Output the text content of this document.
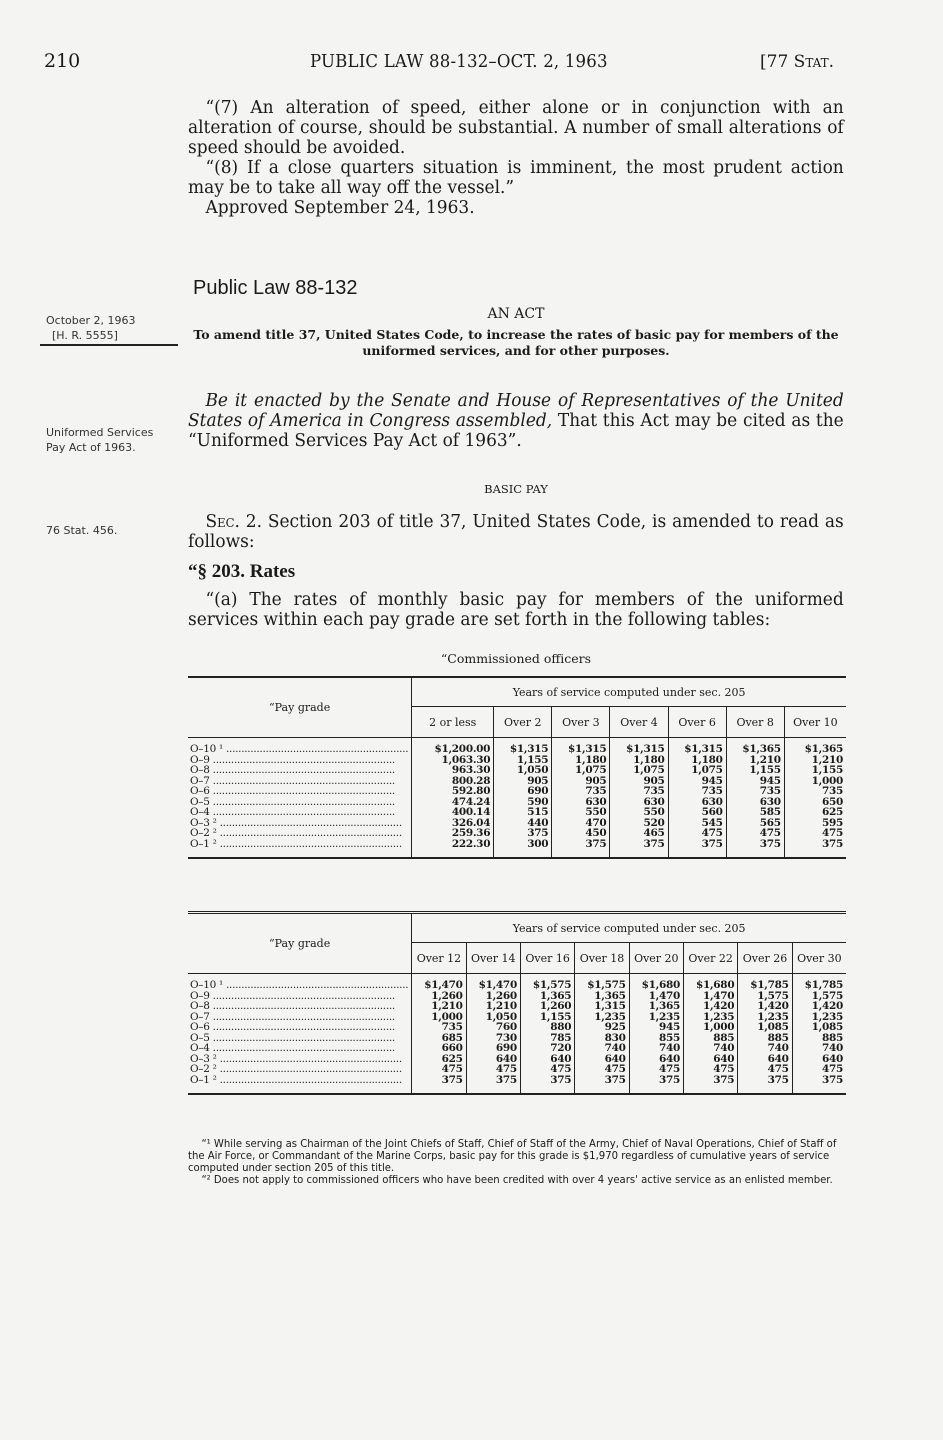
210	PUBLIC LAW 88-132–OCT. 2, 1963	[77 Stat.

“(7) An alteration of speed, either alone or in conjunction with an alteration of course, should be substantial. A number of small alterations of speed should be avoided.

“(8) If a close quarters situation is imminent, the most prudent action may be to take all way off the vessel.”

Approved September 24, 1963.

Public Law 88-132
October 2, 1963
[H. R. 5555]
AN ACT
To amend title 37, United States Code, to increase the rates of basic pay for members of the uniformed services, and for other purposes.

Be it enacted by the Senate and House of Representatives of the United States of America in Congress assembled, That this Act may be cited as the “Uniformed Services Pay Act of 1963”.

Uniformed Services Pay Act of 1963.
BASIC PAY
76 Stat. 456.	Sec. 2. Section 203 of title 37, United States Code, is amended to read as follows:

“§ 203. Rates

“(a) The rates of monthly basic pay for members of the uniformed services within each pay grade are set forth in the following tables:

“Commissioned officers
“Pay grade	Years of service computed under sec. 205						
	2 or less	Over 2	Over 3	Over 4	Over 6	Over 8	Over 10
O–10 ¹ ............................................................	$1,200.00	$1,315	$1,315	$1,315	$1,315	$1,365	$1,365
O–9 ............................................................	1,063.30	1,155	1,180	1,180	1,180	1,210	1,210
O–8 ............................................................	963.30	1,050	1,075	1,075	1,075	1,155	1,155
O–7 ............................................................	800.28	905	905	905	945	945	1,000
O–6 ............................................................	592.80	690	735	735	735	735	735
O–5 ............................................................	474.24	590	630	630	630	630	650
O–4 ............................................................	400.14	515	550	550	560	585	625
O–3 ² ............................................................	326.04	440	470	520	545	565	595
O–2 ² ............................................................	259.36	375	450	465	475	475	475
O–1 ² ............................................................	222.30	300	375	375	375	375	375
“Pay grade	Years of service computed under sec. 205							
	Over 12	Over 14	Over 16	Over 18	Over 20	Over 22	Over 26	Over 30
O–10 ¹ ............................................................	$1,470	$1,470	$1,575	$1,575	$1,680	$1,680	$1,785	$1,785
O–9 ............................................................	1,260	1,260	1,365	1,365	1,470	1,470	1,575	1,575
O–8 ............................................................	1,210	1,210	1,260	1,315	1,365	1,420	1,420	1,420
O–7 ............................................................	1,000	1,050	1,155	1,235	1,235	1,235	1,235	1,235
O–6 ............................................................	735	760	880	925	945	1,000	1,085	1,085
O–5 ............................................................	685	730	785	830	855	885	885	885
O–4 ............................................................	660	690	720	740	740	740	740	740
O–3 ² ............................................................	625	640	640	640	640	640	640	640
O–2 ² ............................................................	475	475	475	475	475	475	475	475
O–1 ² ............................................................	375	375	375	375	375	375	375	375

“¹ While serving as Chairman of the Joint Chiefs of Staff, Chief of Staff of the Army, Chief of Naval Operations, Chief of Staff of the Air Force, or Commandant of the Marine Corps, basic pay for this grade is $1,970 regardless of cumulative years of service computed under section 205 of this title.

“² Does not apply to commissioned officers who have been credited with over 4 years' active service as an enlisted member.
